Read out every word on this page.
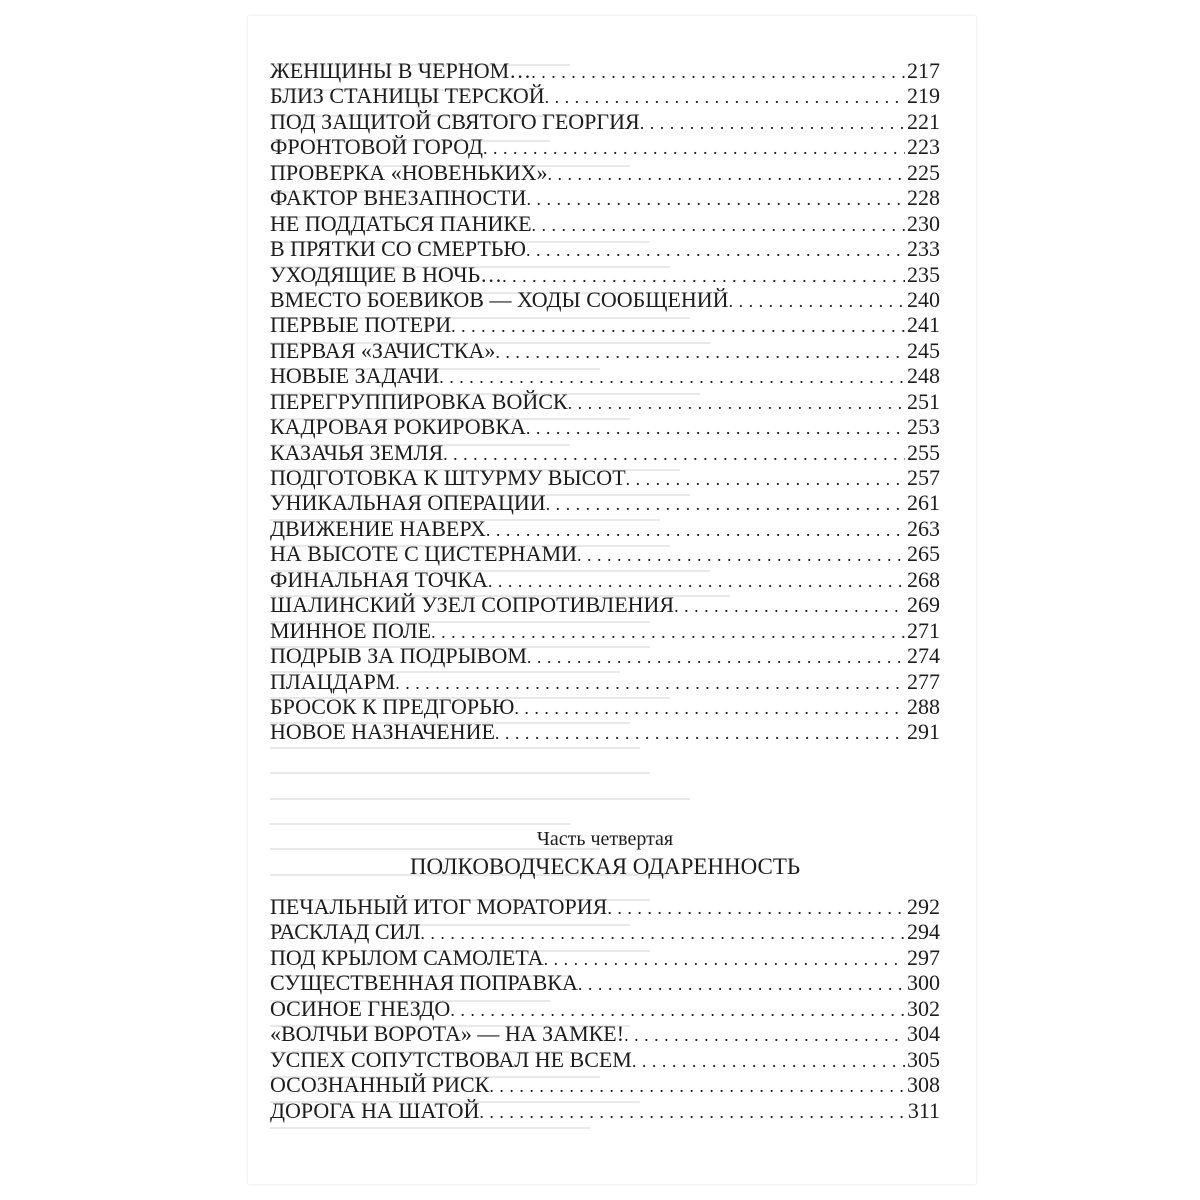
ЖЕНЩИНЫ В ЧЕРНОМ… . . .	217
БЛИЗ СТАНИЦЫ ТЕРСКОЙ . . .	219
ПОД ЗАЩИТОЙ СВЯТОГО ГЕОРГИЯ . . .	221
ФРОНТОВОЙ ГОРОД . . .	223
ПРОВЕРКА «НОВЕНЬКИХ» . . .	225
ФАКТОР ВНЕЗАПНОСТИ . . .	228
НЕ ПОДДАТЬСЯ ПАНИКЕ . . .	230
В ПРЯТКИ СО СМЕРТЬЮ . . .	233
УХОДЯЩИЕ В НОЧЬ… . . .	235
ВМЕСТО БОЕВИКОВ — ХОДЫ СООБЩЕНИЙ . . .	240
ПЕРВЫЕ ПОТЕРИ . . .	241
ПЕРВАЯ «ЗАЧИСТКА» . . .	245
НОВЫЕ ЗАДАЧИ . . .	248
ПЕРЕГРУППИРОВКА ВОЙСК . . .	251
КАДРОВАЯ РОКИРОВКА . . .	253
КАЗАЧЬЯ ЗЕМЛЯ . . .	255
ПОДГОТОВКА К ШТУРМУ ВЫСОТ . . .	257
УНИКАЛЬНАЯ ОПЕРАЦИИ . . .	261
ДВИЖЕНИЕ НАВЕРХ . . .	263
НА ВЫСОТЕ С ЦИСТЕРНАМИ . . .	265
ФИНАЛЬНАЯ ТОЧКА . . .	268
ШАЛИНСКИЙ УЗЕЛ СОПРОТИВЛЕНИЯ . . .	269
МИННОЕ ПОЛЕ . . .	271
ПОДРЫВ ЗА ПОДРЫВОМ . . .	274
ПЛАЦДАРМ . . .	277
БРОСОК К ПРЕДГОРЬЮ . . .	288
НОВОЕ НАЗНАЧЕНИЕ . . .	291
Часть четвертая
ПОЛКОВОДЧЕСКАЯ ОДАРЕННОСТЬ
ПЕЧАЛЬНЫЙ ИТОГ МОРАТОРИЯ . . .	292
РАСКЛАД СИЛ . . .	294
ПОД КРЫЛОМ САМОЛЕТА . . .	297
СУЩЕСТВЕННАЯ ПОПРАВКА . . .	300
ОСИНОЕ ГНЕЗДО . . .	302
«ВОЛЧЬИ ВОРОТА» — НА ЗАМКЕ! . . .	304
УСПЕХ СОПУТСТВОВАЛ НЕ ВСЕМ . . .	305
ОСОЗНАННЫЙ РИСК . . .	308
ДОРОГА НА ШАТОЙ . . .	311
